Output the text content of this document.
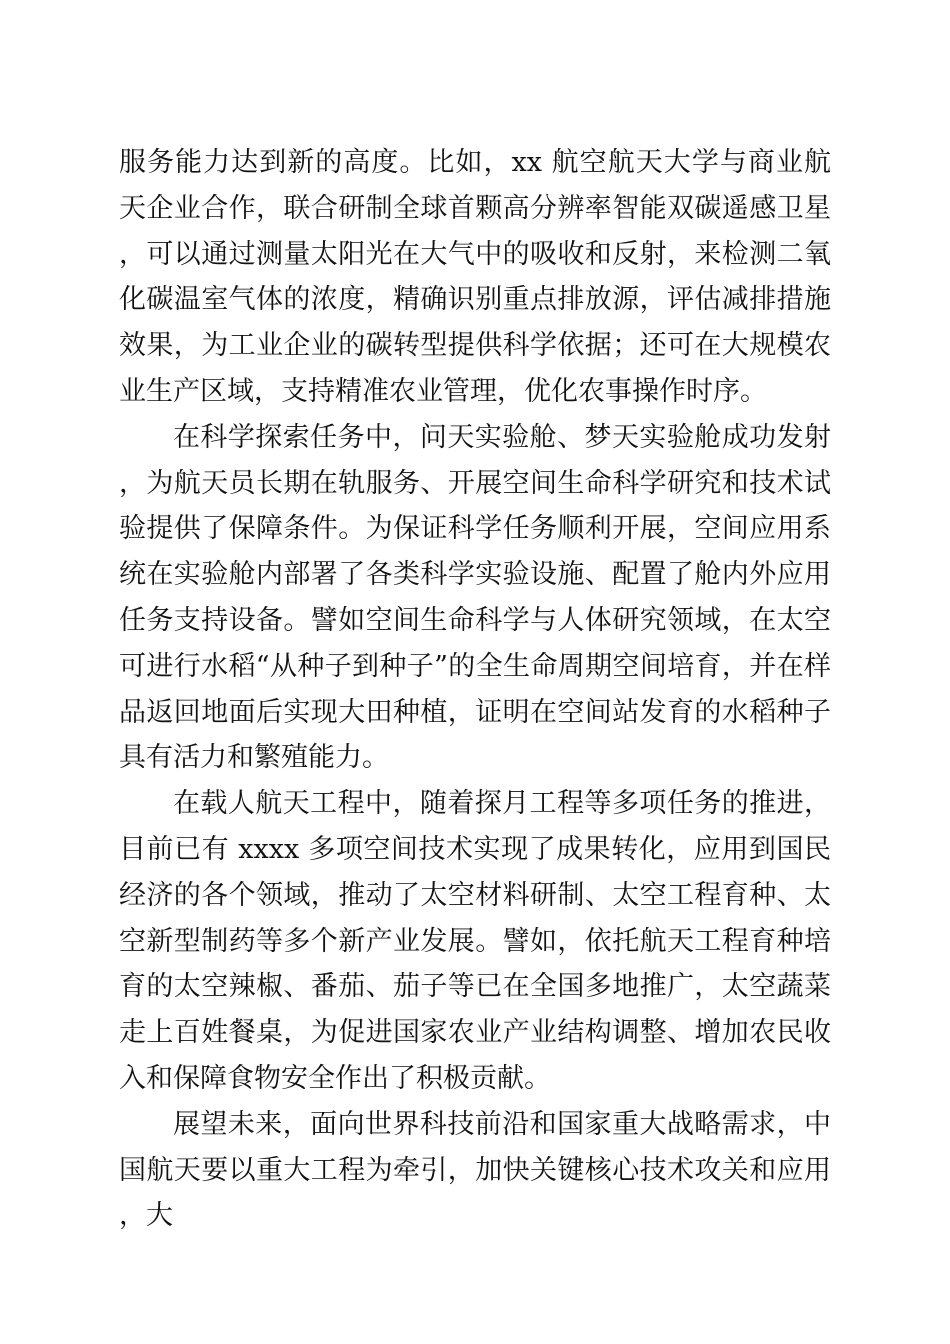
服务能力达到新的高度。比如，xx 航空航天大学与商业航天企业合作，联合研制全球首颗高分辨率智能双碳遥感卫星，可以通过测量太阳光在大气中的吸收和反射，来检测二氧化碳温室气体的浓度，精确识别重点排放源，评估减排措施效果，为工业企业的碳转型提供科学依据；还可在大规模农业生产区域，支持精准农业管理，优化农事操作时序。

在科学探索任务中，问天实验舱、梦天实验舱成功发射，为航天员长期在轨服务、开展空间生命科学研究和技术试验提供了保障条件。为保证科学任务顺利开展，空间应用系统在实验舱内部署了各类科学实验设施、配置了舱内外应用任务支持设备。譬如空间生命科学与人体研究领域，在太空可进行水稻“从种子到种子”的全生命周期空间培育，并在样品返回地面后实现大田种植，证明在空间站发育的水稻种子具有活力和繁殖能力。

在载人航天工程中，随着探月工程等多项任务的推进，目前已有 xxxx 多项空间技术实现了成果转化，应用到国民经济的各个领域，推动了太空材料研制、太空工程育种、太空新型制药等多个新产业发展。譬如，依托航天工程育种培育的太空辣椒、番茄、茄子等已在全国多地推广，太空蔬菜走上百姓餐桌，为促进国家农业产业结构调整、增加农民收入和保障食物安全作出了积极贡献。

展望未来，面向世界科技前沿和国家重大战略需求，中国航天要以重大工程为牵引，加快关键核心技术攻关和应用，大
